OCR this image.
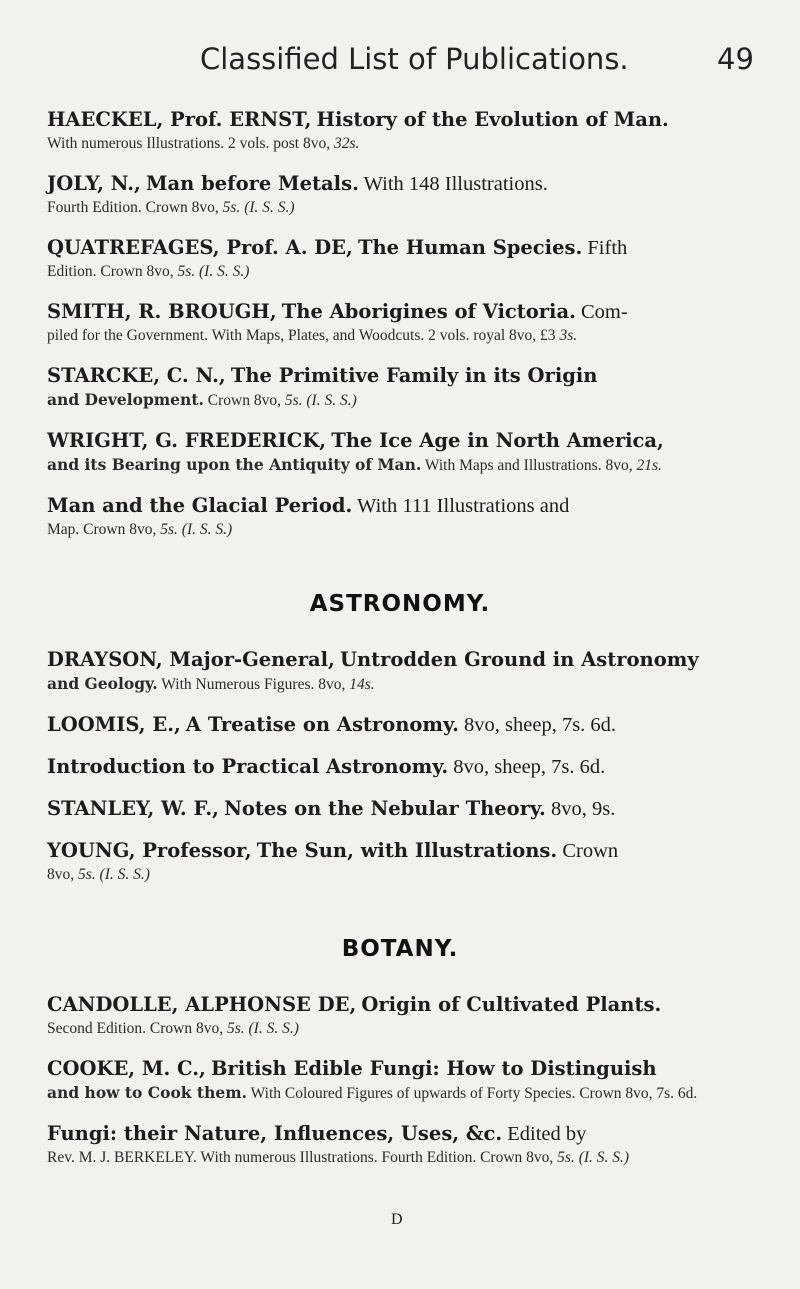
Classified List of Publications.	49
HAECKEL, Prof. ERNST, History of the Evolution of Man.
With numerous Illustrations. 2 vols. post 8vo, 32s.
JOLY, N., Man before Metals. With 148 Illustrations.
Fourth Edition. Crown 8vo, 5s. (I. S. S.)
QUATREFAGES, Prof. A. DE, The Human Species. Fifth
Edition. Crown 8vo, 5s. (I. S. S.)
SMITH, R. BROUGH, The Aborigines of Victoria. Com-
piled for the Government. With Maps, Plates, and Woodcuts. 2 vols. royal 8vo, £3 3s.
STARCKE, C. N., The Primitive Family in its Origin
and Development. Crown 8vo, 5s. (I. S. S.)
WRIGHT, G. FREDERICK, The Ice Age in North America,
and its Bearing upon the Antiquity of Man. With Maps and Illustrations. 8vo, 21s.
Man and the Glacial Period. With 111 Illustrations and
Map. Crown 8vo, 5s. (I. S. S.)
ASTRONOMY.
DRAYSON, Major-General, Untrodden Ground in Astronomy
and Geology. With Numerous Figures. 8vo, 14s.
LOOMIS, E., A Treatise on Astronomy. 8vo, sheep, 7s. 6d.
Introduction to Practical Astronomy. 8vo, sheep, 7s. 6d.
STANLEY, W. F., Notes on the Nebular Theory. 8vo, 9s.
YOUNG, Professor, The Sun, with Illustrations. Crown
8vo, 5s. (I. S. S.)
BOTANY.
CANDOLLE, ALPHONSE DE, Origin of Cultivated Plants.
Second Edition. Crown 8vo, 5s. (I. S. S.)
COOKE, M. C., British Edible Fungi: How to Distinguish
and how to Cook them. With Coloured Figures of upwards of Forty Species. Crown 8vo, 7s. 6d.
Fungi: their Nature, Influences, Uses, &c. Edited by
Rev. M. J. BERKELEY. With numerous Illustrations. Fourth Edition. Crown 8vo, 5s. (I. S. S.)
D
